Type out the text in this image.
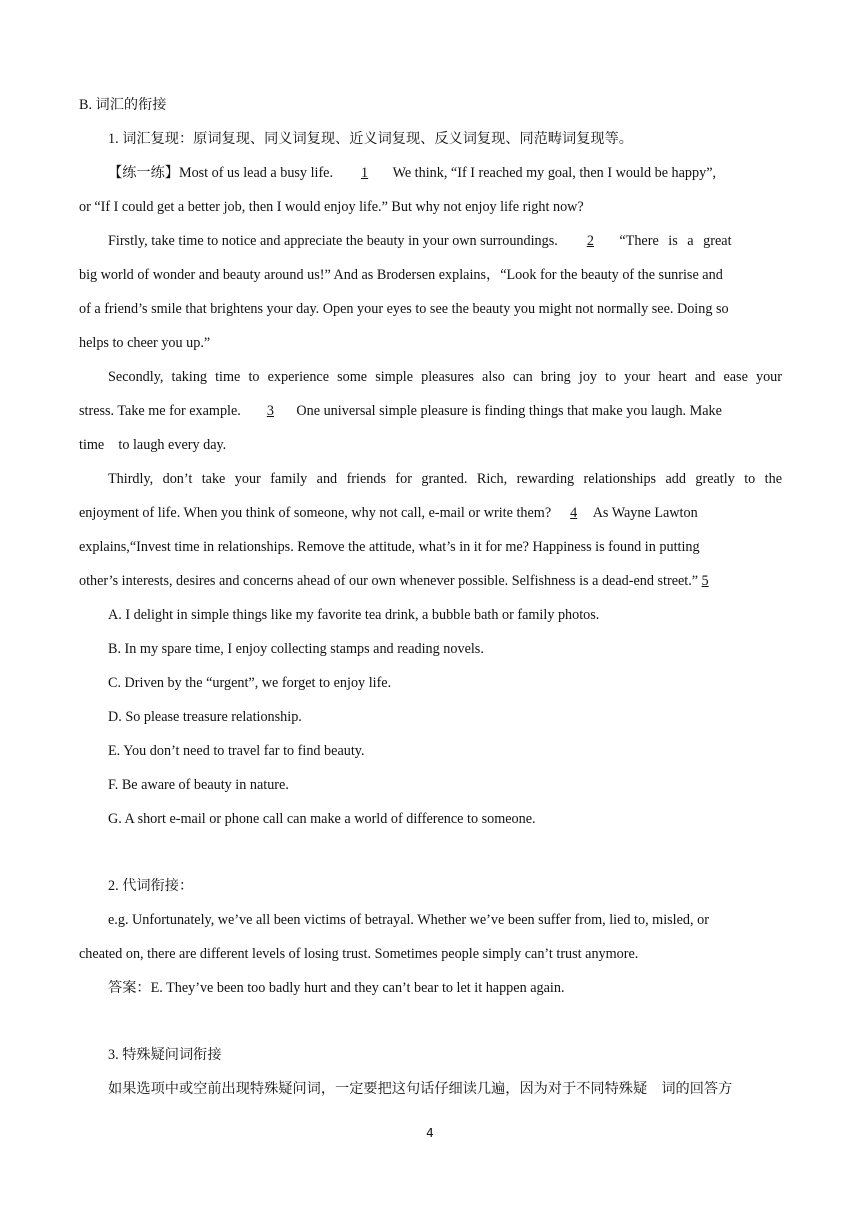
B. 词汇的衔接
1. 词汇复现：原词复现、同义词复现、近义词复现、反义词复现、同范畴词复现等。
【练一练】Most of us lead a busy life. 1 We think, “If I reached my goal, then I would be happy”,
or “If I could get a better job, then I would enjoy life.” But why not enjoy life right now?
Firstly, take time to notice and appreciate the beauty in your own surroundings. 2 “There is a great
big world of wonder and beauty around us!” And as Brodersen explains，“Look for the beauty of the sunrise and
of a friend’s smile that brightens your day. Open your eyes to see the beauty you might not normally see. Doing so
helps to cheer you up.”
Secondly, taking time to experience some simple pleasures also can bring joy to your heart and ease your
stress. Take me for example. 3 One universal simple pleasure is finding things that make you laugh. Make
time    to laugh every day.
Thirdly, don’t take your family and friends for granted. Rich, rewarding relationships add greatly to the
enjoyment of life. When you think of someone, why not call, e-mail or write them? 4 As Wayne Lawton
explains,“Invest time in relationships. Remove the attitude, what’s in it for me? Happiness is found in putting
other’s interests, desires and concerns ahead of our own whenever possible. Selfishness is a dead-end street.” 5
A. I delight in simple things like my favorite tea drink, a bubble bath or family photos.
B. In my spare time, I enjoy collecting stamps and reading novels.
C. Driven by the “urgent”, we forget to enjoy life.
D. So please treasure relationship.
E. You don’t need to travel far to find beauty.
F. Be aware of beauty in nature.
G. A short e-mail or phone call can make a world of difference to someone.
2. 代词衔接：
e.g. Unfortunately, we’ve all been victims of betrayal. Whether we’ve been suffer from, lied to, misled, or
cheated on, there are different levels of losing trust. Sometimes people simply can’t trust anymore.
答案：E. They’ve been too badly hurt and they can’t bear to let it happen again.
3. 特殊疑问词衔接
如果选项中或空前出现特殊疑问词，一定要把这句话仔细读几遍，因为对于不同特殊疑    词的回答方
4
